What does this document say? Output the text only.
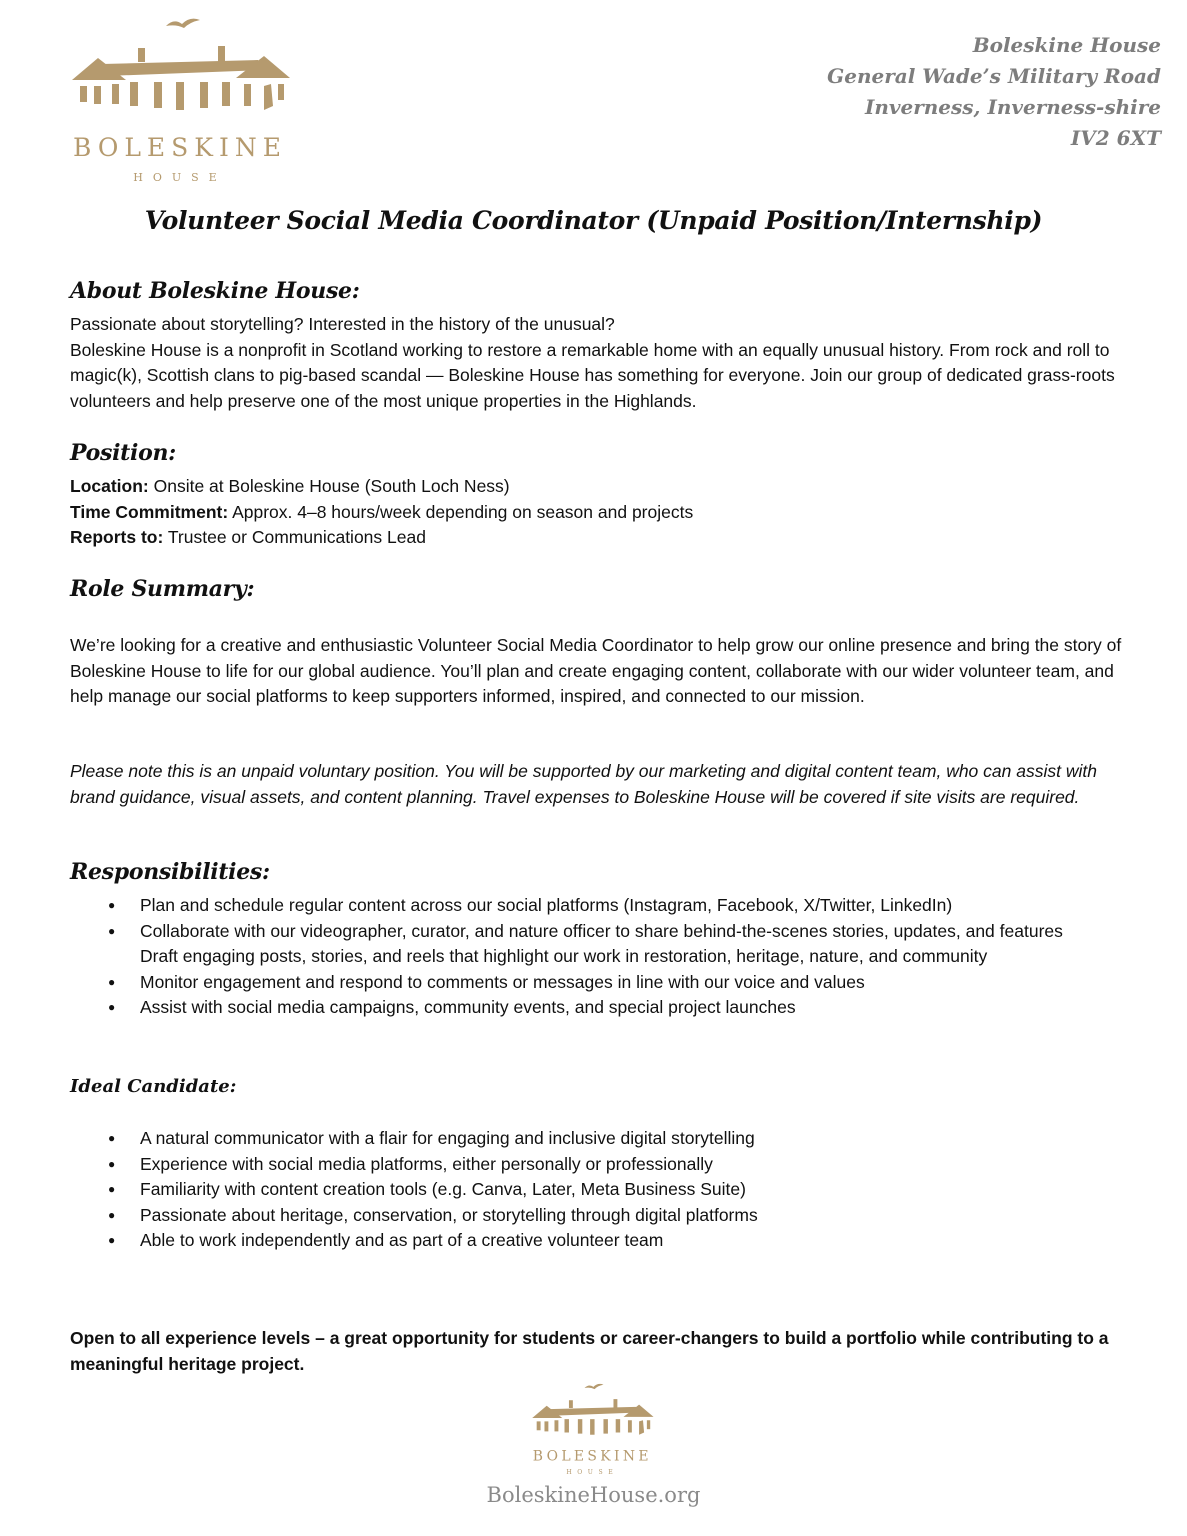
BOLESKINE
HOUSE
Boleskine House
General Wade’s Military Road
Inverness, Inverness-shire
IV2 6XT
Volunteer Social Media Coordinator (Unpaid Position/Internship)
About Boleskine House:

Passionate about storytelling? Interested in the history of the unusual?

Boleskine House is a nonprofit in Scotland working to restore a remarkable home with an equally unusual history. From rock and roll to magic(k), Scottish clans to pig-based scandal — Boleskine House has something for everyone. Join our group of dedicated grass-roots volunteers and help preserve one of the most unique properties in the Highlands.

Position:

Location: Onsite at Boleskine House (South Loch Ness)

Time Commitment: Approx. 4–8 hours/week depending on season and projects

Reports to: Trustee or Communications Lead

Role Summary:
We’re looking for a creative and enthusiastic Volunteer Social Media Coordinator to help grow our online presence and bring the story of Boleskine House to life for our global audience. You’ll plan and create engaging content, collaborate with our wider volunteer team, and help manage our social platforms to keep supporters informed, inspired, and connected to our mission.
Please note this is an unpaid voluntary position. You will be supported by our marketing and digital content team, who can assist with brand guidance, visual assets, and content planning. Travel expenses to Boleskine House will be covered if site visits are required.
Responsibilities:
● Plan and schedule regular content across our social platforms (Instagram, Facebook, X/Twitter, LinkedIn)
● Collaborate with our videographer, curator, and nature officer to share behind-the-scenes stories, updates, and features
Draft engaging posts, stories, and reels that highlight our work in restoration, heritage, nature, and community
● Monitor engagement and respond to comments or messages in line with our voice and values
● Assist with social media campaigns, community events, and special project launches
Ideal Candidate:
● A natural communicator with a flair for engaging and inclusive digital storytelling
● Experience with social media platforms, either personally or professionally
● Familiarity with content creation tools (e.g. Canva, Later, Meta Business Suite)
● Passionate about heritage, conservation, or storytelling through digital platforms
● Able to work independently and as part of a creative volunteer team
Open to all experience levels – a great opportunity for students or career-changers to build a portfolio while contributing to a meaningful heritage project.
BOLESKINE
HOUSE
BoleskineHouse.org
